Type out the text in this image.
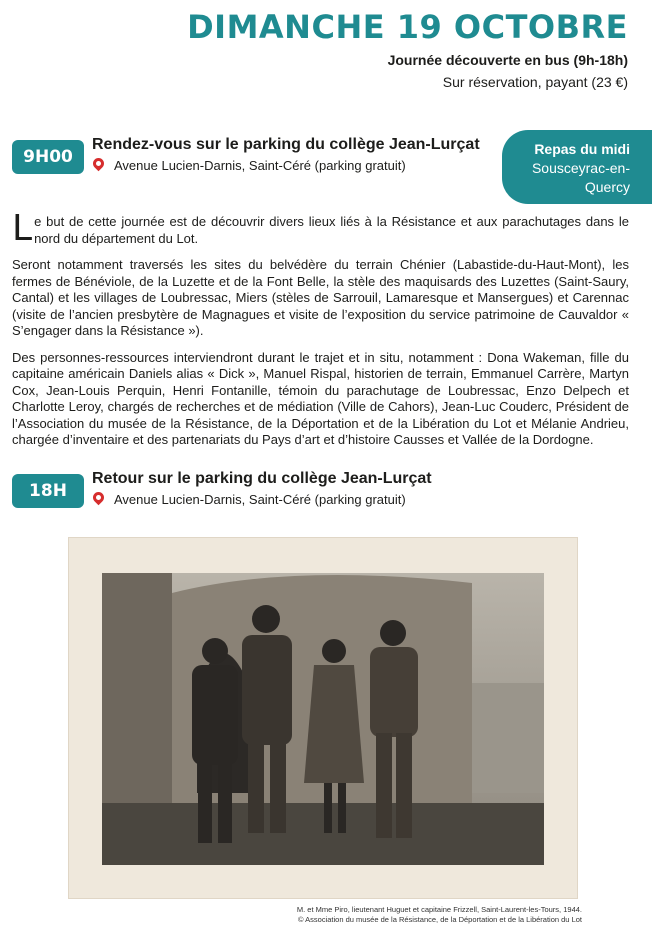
DIMANCHE 19 OCTOBRE
Journée découverte en bus (9h-18h)
Sur réservation, payant (23 €)
9H00
Rendez-vous sur le parking du collège Jean-Lurçat
Avenue Lucien-Darnis, Saint-Céré (parking gratuit)
Repas du midi
Sousceyrac-en-
Quercy

Le but de cette journée est de découvrir divers lieux liés à la Résistance et aux parachutages dans le nord du département du Lot.

Seront notamment traversés les sites du belvédère du terrain Chénier (Labastide-du-Haut-Mont), les fermes de Bénéviole, de la Luzette et de la Font Belle, la stèle des maquisards des Luzettes (Saint-Saury, Cantal) et les villages de Loubressac, Miers (stèles de Sarrouil, Lamaresque et Mansergues) et Carennac (visite de l’ancien presbytère de Magnagues et visite de l’exposition du service patrimoine de Cauvaldor « S’engager dans la Résistance »).

Des personnes-ressources interviendront durant le trajet et in situ, notamment : Dona Wakeman, fille du capitaine américain Daniels alias « Dick », Manuel Rispal, historien de terrain, Emmanuel Carrère, Martyn Cox, Jean-Louis Perquin, Henri Fontanille, témoin du parachutage de Loubressac, Enzo Delpech et Charlotte Leroy, chargés de recherches et de médiation (Ville de Cahors), Jean-Luc Couderc, Président de l’Association du musée de la Résistance, de la Déportation et de la Libération du Lot et Mélanie Andrieu, chargée d’inventaire et des partenariats du Pays d’art et d’histoire Causses et Vallée de la Dordogne.

18H
Retour sur le parking du collège Jean-Lurçat
Avenue Lucien-Darnis, Saint-Céré (parking gratuit)
M. et Mme Piro, lieutenant Huguet et capitaine Frizzell, Saint-Laurent-les-Tours, 1944.
© Association du musée de la Résistance, de la Déportation et de la Libération du Lot
